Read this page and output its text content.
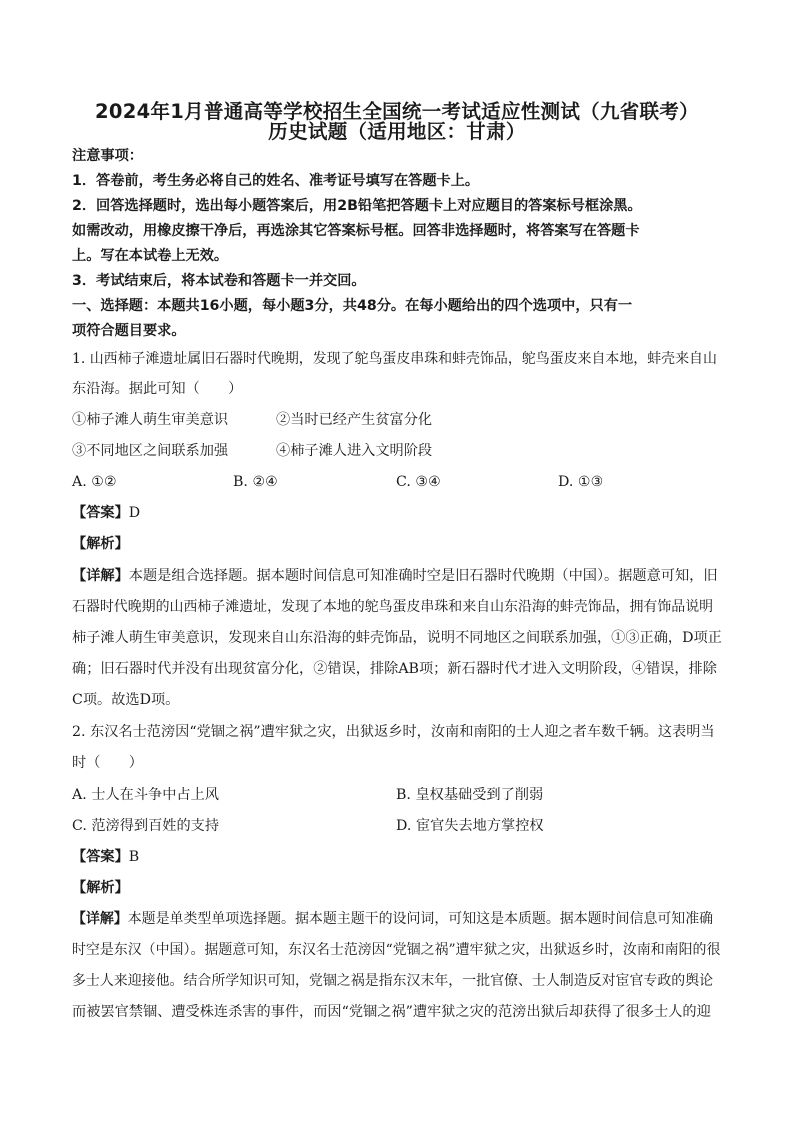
2024年1月普通高等学校招生全国统一考试适应性测试（九省联考）
历史试题（适用地区：甘肃）
注意事项：
1．答卷前，考生务必将自己的姓名、准考证号填写在答题卡上。
2．回答选择题时，选出每小题答案后，用2B铅笔把答题卡上对应题目的答案标号框涂黑。
如需改动，用橡皮擦干净后，再选涂其它答案标号框。回答非选择题时，将答案写在答题卡
上。写在本试卷上无效。
3．考试结束后，将本试卷和答题卡一并交回。
一、选择题：本题共16小题，每小题3分，共48分。在每小题给出的四个选项中，只有一
项符合题目要求。
1. 山西柿子滩遗址属旧石器时代晚期，发现了鸵鸟蛋皮串珠和蚌壳饰品，鸵鸟蛋皮来自本地，蚌壳来自山
东沿海。据此可知（　　）
①柿子滩人萌生审美意识	②当时已经产生贫富分化
③不同地区之间联系加强	④柿子滩人进入文明阶段
A. ①②	B. ②④	C. ③④	D. ①③
【答案】D
【解析】
【详解】本题是组合选择题。据本题时间信息可知准确时空是旧石器时代晚期（中国）。据题意可知，旧
石器时代晚期的山西柿子滩遗址，发现了本地的鸵鸟蛋皮串珠和来自山东沿海的蚌壳饰品，拥有饰品说明
柿子滩人萌生审美意识，发现来自山东沿海的蚌壳饰品，说明不同地区之间联系加强，①③正确，D项正
确；旧石器时代并没有出现贫富分化，②错误，排除AB项；新石器时代才进入文明阶段，④错误，排除
C项。故选D项。
2. 东汉名士范滂因“党锢之祸”遭牢狱之灾，出狱返乡时，汝南和南阳的士人迎之者车数千辆。这表明当
时（　　）
A. 士人在斗争中占上风	B. 皇权基础受到了削弱
C. 范滂得到百姓的支持	D. 宦官失去地方掌控权
【答案】B
【解析】
【详解】本题是单类型单项选择题。据本题主题干的设问词，可知这是本质题。据本题时间信息可知准确
时空是东汉（中国）。据题意可知，东汉名士范滂因“党锢之祸”遭牢狱之灾，出狱返乡时，汝南和南阳的很
多士人来迎接他。结合所学知识可知，党锢之祸是指东汉末年，一批官僚、士人制造反对宦官专政的舆论
而被罢官禁锢、遭受株连杀害的事件，而因“党锢之祸”遭牢狱之灾的范滂出狱后却获得了很多士人的迎
